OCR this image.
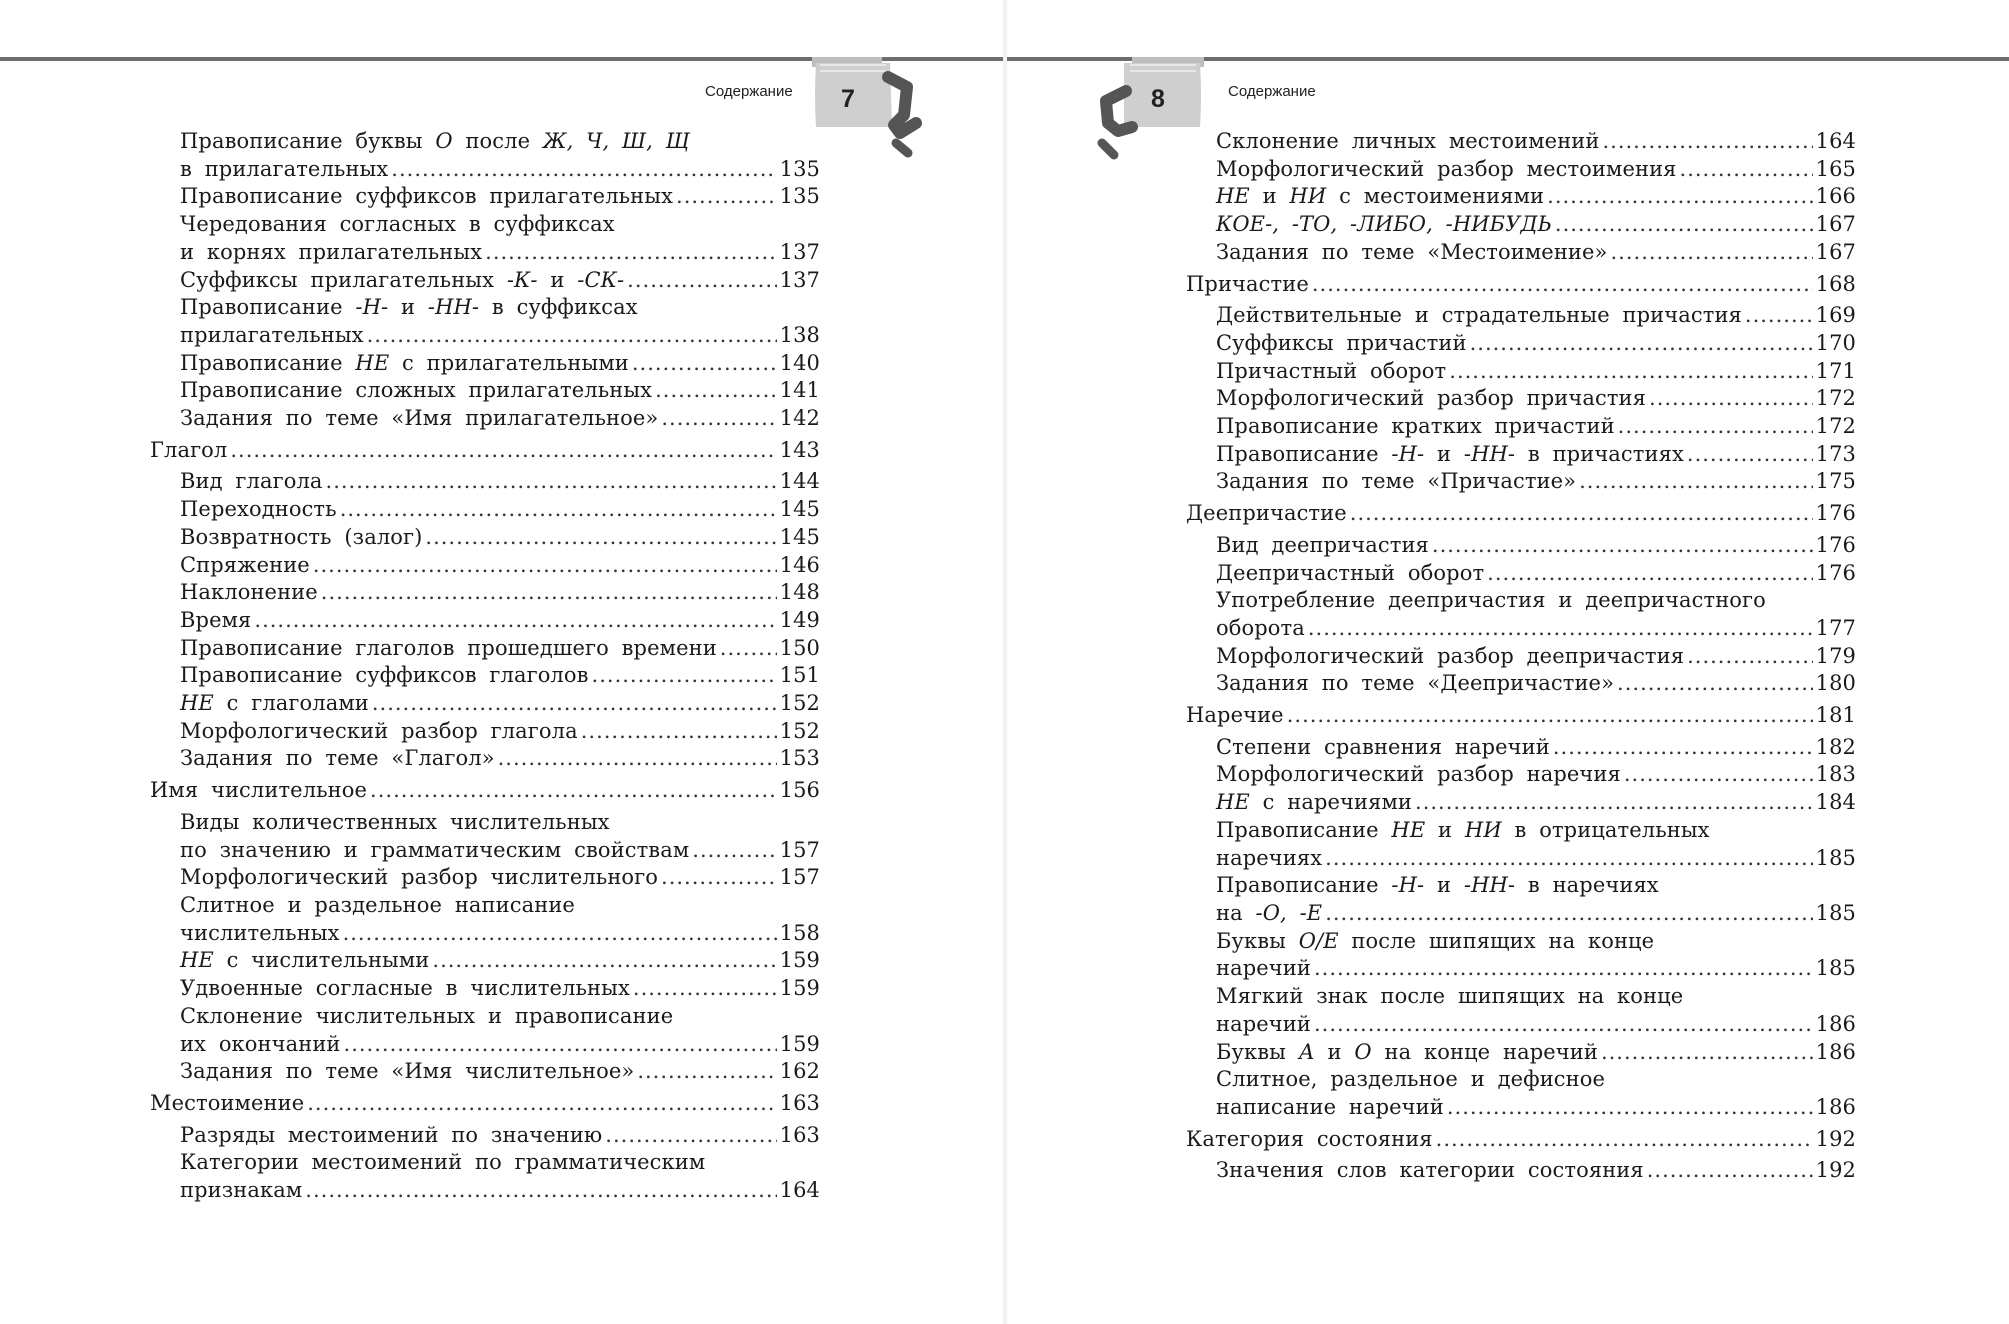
Содержание	7
Правописание буквы О после Ж, Ч, Ш, Щ
в прилагательных .....	135
Правописание суффиксов прилагательных .....	135
Чередования согласных в суффиксах
и корнях прилагательных .....	137
Суффиксы прилагательных -К- и -СК- .....	137
Правописание -Н- и -НН- в суффиксах
прилагательных .....	138
Правописание НЕ с прилагательными .....	140
Правописание сложных прилагательных .....	141
Задания по теме «Имя прилагательное» .....	142
Глагол .....	143
Вид глагола .....	144
Переходность .....	145
Возвратность (залог) .....	145
Спряжение .....	146
Наклонение .....	148
Время .....	149
Правописание глаголов прошедшего времени .....	150
Правописание суффиксов глаголов .....	151
НЕ с глаголами .....	152
Морфологический разбор глагола .....	152
Задания по теме «Глагол» .....	153
Имя числительное .....	156
Виды количественных числительных
по значению и грамматическим свойствам .....	157
Морфологический разбор числительного .....	157
Слитное и раздельное написание
числительных .....	158
НЕ с числительными .....	159
Удвоенные согласные в числительных .....	159
Склонение числительных и правописание
их окончаний .....	159
Задания по теме «Имя числительное» .....	162
Местоимение .....	163
Разряды местоимений по значению .....	163
Категории местоимений по грамматическим
признакам .....	164
8	Содержание
Склонение личных местоимений .....	164
Морфологический разбор местоимения .....	165
НЕ и НИ с местоимениями .....	166
КОЕ-, -ТО, -ЛИБО, -НИБУДЬ .....	167
Задания по теме «Местоимение» .....	167
Причастие .....	168
Действительные и страдательные причастия .....	169
Суффиксы причастий .....	170
Причастный оборот .....	171
Морфологический разбор причастия .....	172
Правописание кратких причастий .....	172
Правописание -Н- и -НН- в причастиях .....	173
Задания по теме «Причастие» .....	175
Деепричастие .....	176
Вид деепричастия .....	176
Деепричастный оборот .....	176
Употребление деепричастия и деепричастного
оборота .....	177
Морфологический разбор деепричастия .....	179
Задания по теме «Деепричастие» .....	180
Наречие .....	181
Степени сравнения наречий .....	182
Морфологический разбор наречия .....	183
НЕ с наречиями .....	184
Правописание НЕ и НИ в отрицательных
наречиях .....	185
Правописание -Н- и -НН- в наречиях
на -О, -Е .....	185
Буквы О/Е после шипящих на конце
наречий .....	185
Мягкий знак после шипящих на конце
наречий .....	186
Буквы А и О на конце наречий .....	186
Слитное, раздельное и дефисное
написание наречий .....	186
Категория состояния .....	192
Значения слов категории состояния .....	192
